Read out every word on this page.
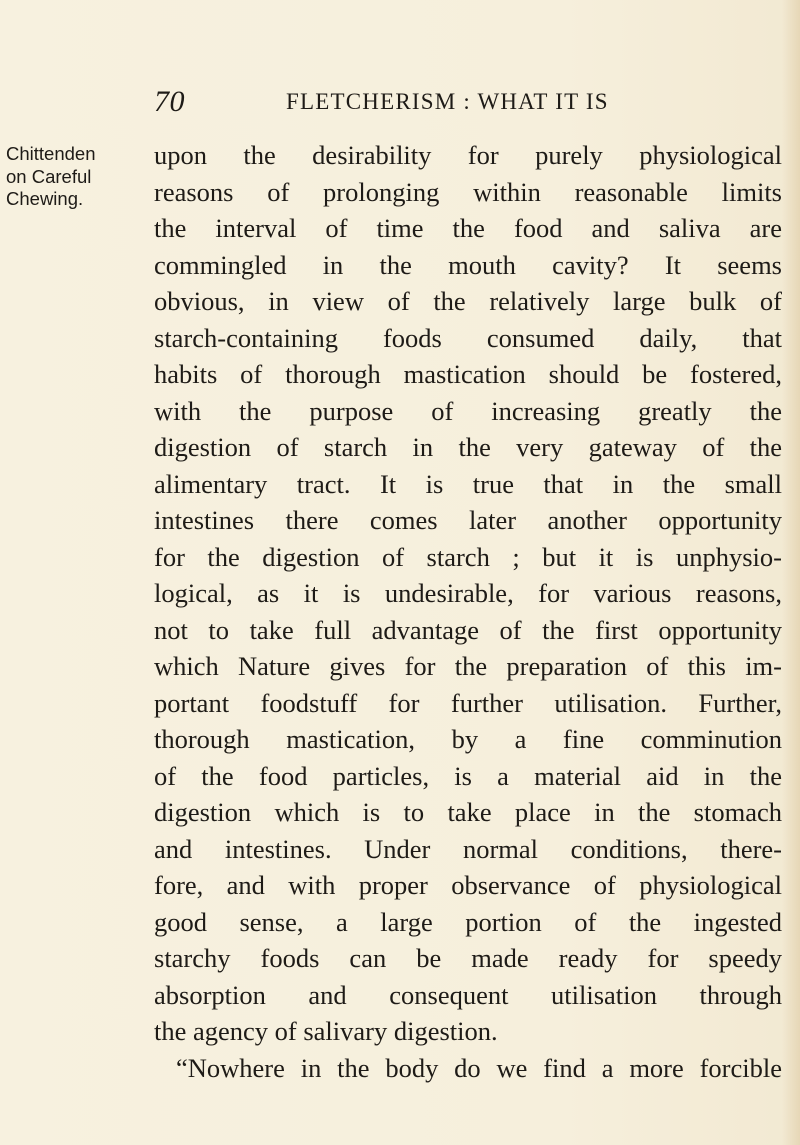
70	FLETCHERISM : WHAT IT IS
Chittenden
on Careful
Chewing.
upon the desirability for purely physiological
reasons of prolonging within reasonable limits
the interval of time the food and saliva are
commingled in the mouth cavity? It seems
obvious, in view of the relatively large bulk of
starch-containing foods consumed daily, that
habits of thorough mastication should be fostered,
with the purpose of increasing greatly the
digestion of starch in the very gateway of the
alimentary tract. It is true that in the small
intestines there comes later another opportunity
for the digestion of starch ; but it is unphysio-
logical, as it is undesirable, for various reasons,
not to take full advantage of the first opportunity
which Nature gives for the preparation of this im-
portant foodstuff for further utilisation. Further,
thorough mastication, by a fine comminution
of the food particles, is a material aid in the
digestion which is to take place in the stomach
and intestines. Under normal conditions, there-
fore, and with proper observance of physiological
good sense, a large portion of the ingested
starchy foods can be made ready for speedy
absorption and consequent utilisation through
the agency of salivary digestion.
“Nowhere in the body do we find a more forcible
